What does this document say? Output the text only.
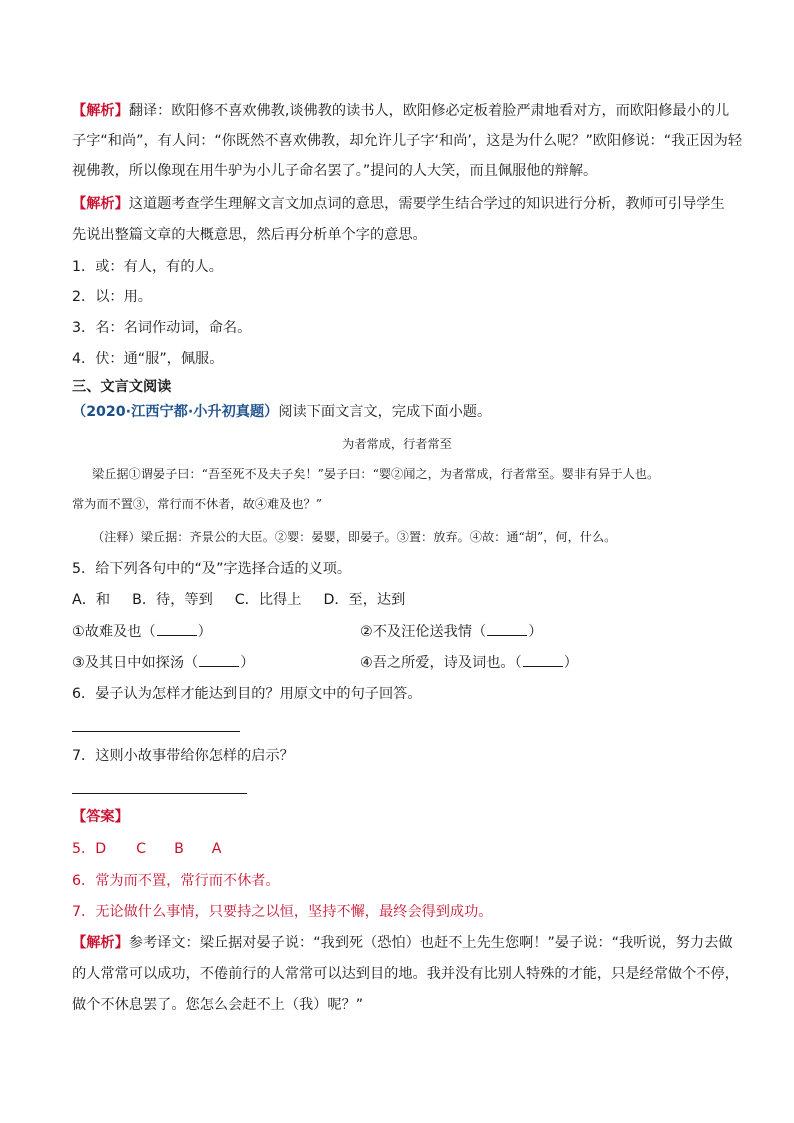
【解析】翻译：欧阳修不喜欢佛教,谈佛教的读书人，欧阳修必定板着脸严肃地看对方，而欧阳修最小的儿
子字“和尚”，有人问：“你既然不喜欢佛教，却允许儿子字‘和尚’，这是为什么呢？”欧阳修说：“我正因为轻
视佛教，所以像现在用牛驴为小儿子命名罢了。”提问的人大笑，而且佩服他的辩解。
【解析】这道题考查学生理解文言文加点词的意思，需要学生结合学过的知识进行分析，教师可引导学生
先说出整篇文章的大概意思，然后再分析单个字的意思。
1．或：有人，有的人。
2．以：用。
3．名：名词作动词，命名。
4．伏：通“服”，佩服。
三、文言文阅读
（2020·江西宁都·小升初真题）阅读下面文言文，完成下面小题。
为者常成，行者常至
梁丘据①谓晏子曰：“吾至死不及夫子矣！”晏子曰：“婴②闻之，为者常成，行者常至。婴非有异于人也。
常为而不置③，常行而不休者，故④难及也？”
（注释）梁丘据：齐景公的大臣。②婴：晏婴，即晏子。③置：放弃。④故：通“胡”，何，什么。
5．给下列各句中的“及”字选择合适的义项。
A．和 B．待，等到 C．比得上 D．至，达到
①故难及也（	）	②不及汪伦送我情（	）
③及其日中如探汤（	）	④吾之所爱，诗及词也。（	）
6．晏子认为怎样才能达到目的？用原文中的句子回答。
7．这则小故事带给你怎样的启示？
【答案】
5．D C B A
6．常为而不置，常行而不休者。
7．无论做什么事情，只要持之以恒，坚持不懈，最终会得到成功。
【解析】参考译文：梁丘据对晏子说：“我到死（恐怕）也赶不上先生您啊！”晏子说：“我听说，努力去做
的人常常可以成功，不倦前行的人常常可以达到目的地。我并没有比别人特殊的才能，只是经常做个不停，
做个不休息罢了。您怎么会赶不上（我）呢？”
